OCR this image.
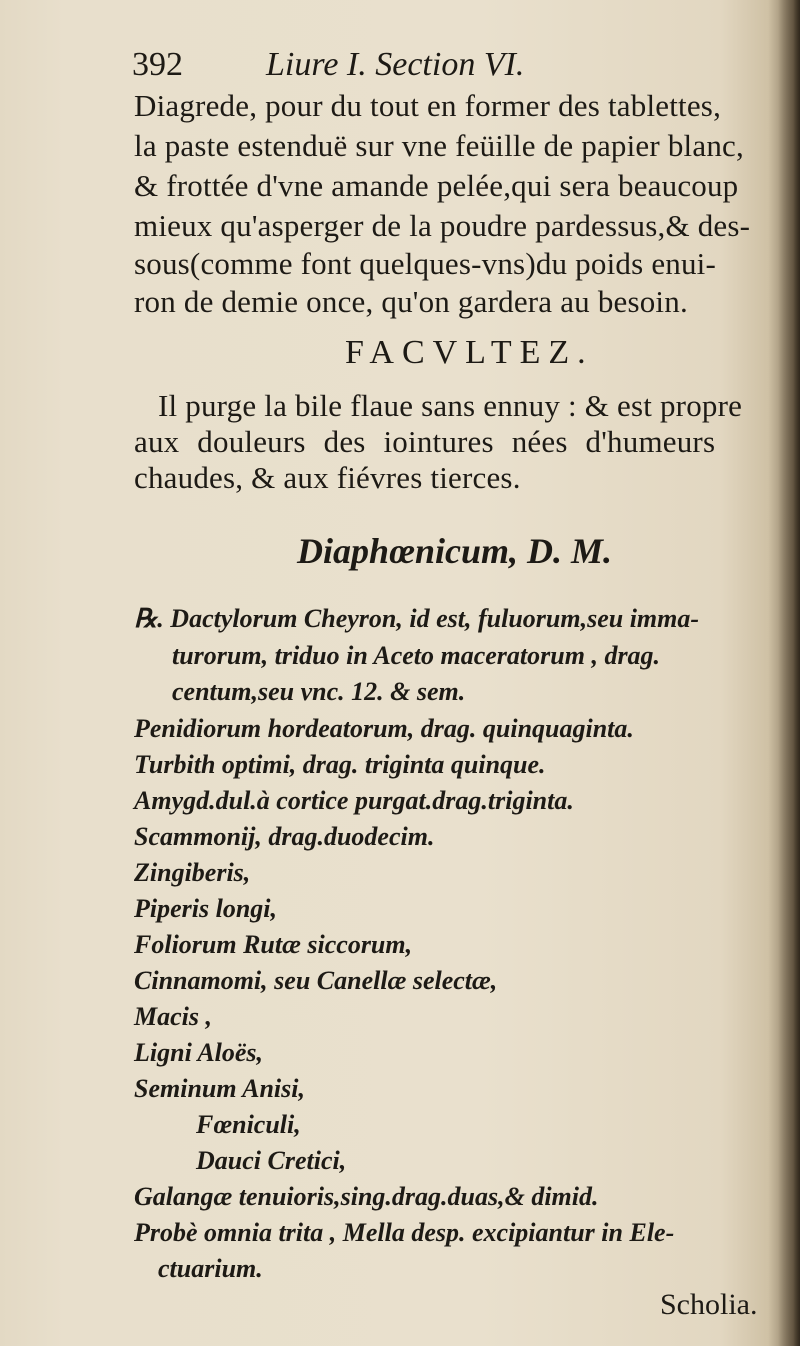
392 Liure I. Section VI.
Diagrede, pour du tout en former des tablettes,
la paste estenduë sur vne feüille de papier blanc,
& frottée d'vne amande pelée,qui sera beaucoup
mieux qu'asperger de la poudre pardessus,& des-
sous(comme font quelques-vns)du poids enui-
ron de demie once, qu'on gardera au besoin.
FACVLTEZ.
Il purge la bile flaue sans ennuy : & est propre
aux douleurs des iointures nées d'humeurs
chaudes, & aux fiévres tierces.
Diaphœnicum, D. M.
℞. Dactylorum Cheyron, id est, fuluorum,seu imma-
turorum, triduo in Aceto maceratorum , drag.
centum,seu vnc. 12. & sem.
Penidiorum hordeatorum, drag. quinquaginta.
Turbith optimi, drag. triginta quinque.
Amygd.dul.à cortice purgat.drag.triginta.
Scammonij, drag.duodecim.
Zingiberis,
Piperis longi,
Foliorum Rutæ siccorum,
Cinnamomi, seu Canellæ selectæ,
Macis ,
Ligni Aloës,
Seminum Anisi,
Fœniculi,
Dauci Cretici,
Galangæ tenuioris,sing.drag.duas,& dimid.
Probè omnia trita , Mella desp. excipiantur in Ele-
ctuarium.
Scholia.
